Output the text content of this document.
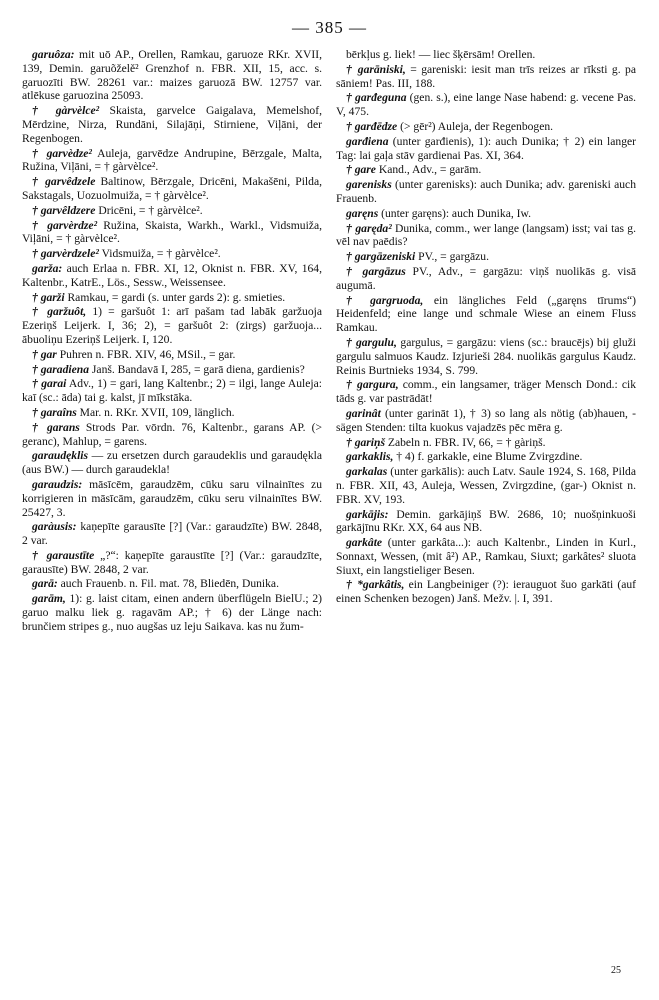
— 385 —

garuôza: mit uō AP., Orellen, Ramkau, garuoze RKr. XVII, 139, Demin. garuõželě² Grenzhof n. FBR. XII, 15, acc. s. garuozīti BW. 28261 var.: maizes garuozā BW. 12757 var. atlēkuse garuozina 25093.

† gàrvèlce² Skaista, garvelce Gaigalava, Memelshof, Mērdzine, Nirza, Rundāni, Silajāņi, Stirniene, Viļāni, der Regenbogen.

† garvèdze² Auleja, garvēdze Andrupine, Bērzgale, Malta, Ružina, Viļāni, = † gàrvèlce².

† garvêdzele Baltinow, Bērzgale, Dricēni, Makašēni, Pilda, Sakstagals, Uozuolmuiža, = † gàrvèlce².

† garvêldzere Dricēni, = † gàrvèlce².

† garvèrdze² Ružina, Skaista, Warkh., Warkl., Vidsmuiža, Viļāni, = † gàrvèlce².

† garvèrdzele² Vidsmuiža, = † gàrvèlce².

garža: auch Erlaa n. FBR. XI, 12, Oknist n. FBR. XV, 164, Kaltenbr., KatrE., Lös., Sessw., Weissensee.

† garži Ramkau, = gardi (s. unter gards 2): g. smieties.

† garžuôt, 1) = garšuôt 1: arī pašam tad labāk garžuoja Ezeriņš Leijerk. I, 36; 2), = garšuôt 2: (zirgs) garžuoja... ābuoliņu Ezeriņš Leijerk. I, 120.

† gar Puhren n. FBR. XIV, 46, MSil., = gar.

† garadiena Janš. Bandavā I, 285, = garā diena, gardienis?

† garai Adv., 1) = gari, lang Kaltenbr.; 2) = ilgi, lange Auleja: kaī (sc.: āda) tai g. kalst, jī mīkstāka.

† garaîns Mar. n. RKr. XVII, 109, länglich.

† garans Strods Par. vōrdn. 76, Kaltenbr., garans AP. (> geranc), Mahlup, = garens.

garaudęklis — zu ersetzen durch garaudeklis und garaudękla (aus BW.) — durch garaudekla!

garaudzis: māsīcēm, garaudzēm, cūku saru vilnainītes zu korrigieren in māsīcām, garaudzēm, cūku seru vilnainītes BW. 25427, 3.

garàusis: kaņepīte garausīte [?] (Var.: garaudzīte) BW. 2848, 2 var.

† garaustīte „?“: kaņepīte garaustīte [?] (Var.: garaudzīte, garausīte) BW. 2848, 2 var.

garā: auch Frauenb. n. Fil. mat. 78, Bliedēn, Dunika.

garām, 1): g. laist citam, einen andern überflügeln BielU.; 2) garuo malku liek g. ragavām AP.; † 6) der Länge nach: brunčiem stripes g., nuo augšas uz leju Saikava. kas nu žum-

bērkļus g. liek! — liec šķērsām! Orellen.

† garāniski, = gareniski: iesit man trīs reizes ar rīksti g. pa sāniem! Pas. III, 188.

† garđeguna (gen. s.), eine lange Nase habend: g. vecene Pas. V, 475.

† garđēdze (> gēr²) Auleja, der Regenbogen.

garđiena (unter garđienis), 1): auch Dunika; † 2) ein langer Tag: lai gaļa stāv gardienai Pas. XI, 364.

† gare Kand., Adv., = garām.

garenisks (unter garenisks): auch Dunika; adv. gareniski auch Frauenb.

garęns (unter garęns): auch Dunika, Iw.

† garęda² Dunika, comm., wer lange (langsam) isst; vai tas g. vēl nav paēdis?

† gargāzeniski PV., = gargāzu.

† gargāzus PV., Adv., = gargāzu: viņš nuolikās g. visā augumā.

† gargruoda, ein längliches Feld („garęns tīrums“) Heidenfeld; eine lange und schmale Wiese an einem Fluss Ramkau.

† gargulu, gargulus, = gargāzu: viens (sc.: braucējs) bij gluži gargulu salmuos Kaudz. Izjurieši 284. nuolikās gargulus Kaudz. Reinis Burtnieks 1934, S. 799.

† gargura, comm., ein langsamer, träger Mensch Dond.: cik tāds g. var pastrādāt!

garinât (unter garināt 1), † 3) so lang als nötig (ab)hauen, -sägen Stenden: tilta kuokus vajadzēs pēc mēra g.

† gariņš Zabeln n. FBR. IV, 66, = † gàriņš.

garkaklis, † 4) f. garkakle, eine Blume Zvirgzdine.

garkalas (unter garkālis): auch Latv. Saule 1924, S. 168, Pilda n. FBR. XII, 43, Auleja, Wessen, Zvirgzdine, (gar-) Oknist n. FBR. XV, 193.

garkājis: Demin. garkājiņš BW. 2686, 10; nuošņinkuoši garkājīnu RKr. XX, 64 aus NB.

garkâte (unter garkâta...): auch Kaltenbr., Linden in Kurl., Sonnaxt, Wessen, (mit â²) AP., Ramkau, Siuxt; garkâtes² sluota Siuxt, ein langstieliger Besen.

† *garkâtis, ein Langbeiniger (?): ierauguot šuo garkāti (auf einen Schenken bezogen) Janš. Mežv. |. I, 391.

25
